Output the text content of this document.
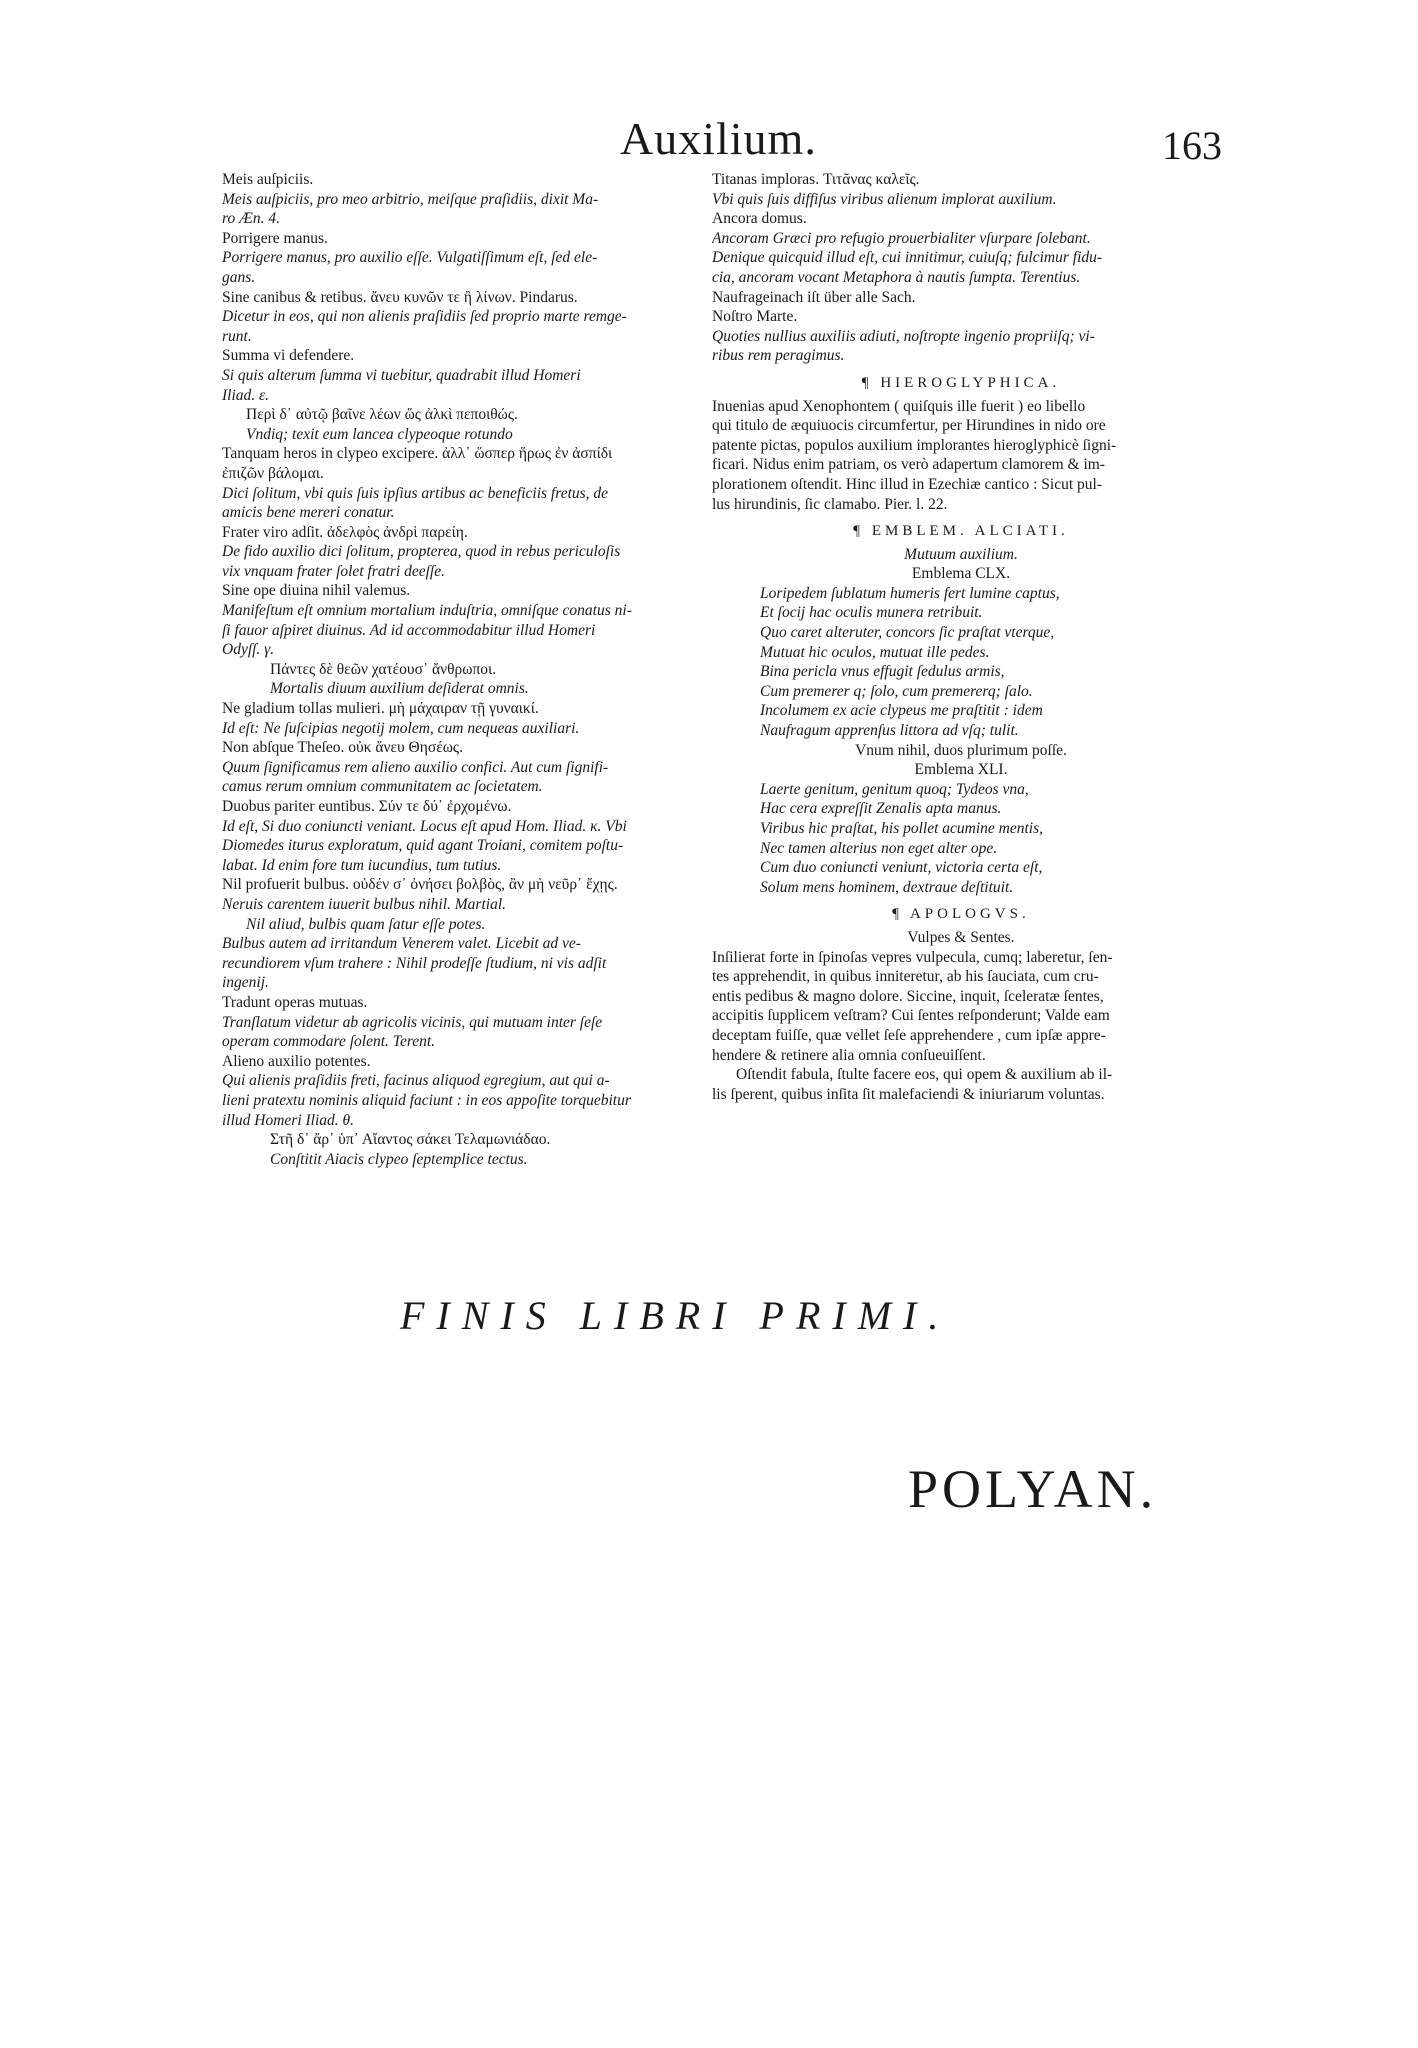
Auxilium.	163
Meis auſpiciis.
Meis auſpiciis, pro meo arbitrio, meiſque praſidiis, dixit Ma-
ro Æn. 4.
Porrigere manus.
Porrigere manus, pro auxilio eſſe. Vulgatiſſimum eſt, ſed ele-
gans.
Sine canibus & retibus. ἄνευ κυνῶν τε ἢ λίνων. Pindarus.
Dicetur in eos, qui non alienis praſidiis ſed proprio marte remge-
runt.
Summa vi defendere.
Si quis alterum ſumma vi tuebitur, quadrabit illud Homeri
Iliad. ε.
Περὶ δ᾽ αὐτῷ βαῖνε λέων ὥς ἀλκὶ πεποιθώς.
Vndiq; texit eum lancea clypeoque rotundo
Tanquam heros in clypeo excipere. ἀλλ᾽ ὥσπερ ἥρως ἐν ἀσπίδι
ἐπιζῶν βάλομαι.
Dici ſolitum, vbi quis ſuis ipſius artibus ac beneficiis fretus, de
amicis bene mereri conatur.
Frater viro adſit. ἀδελφὸς ἀνδρὶ παρείη.
De fido auxilio dici ſolitum, propterea, quod in rebus periculoſis
vix vnquam frater ſolet fratri deeſſe.
Sine ope diuina nihil valemus.
Manifeſtum eſt omnium mortalium induſtria, omniſque conatus ni-
ſi fauor aſpiret diuinus. Ad id accommodabitur illud Homeri
Odyſſ. γ.
Πάντες δὲ θεῶν χατέουσ᾽ ἄνθρωποι.
Mortalis diuum auxilium deſiderat omnis.
Ne gladium tollas mulieri. μὴ μάχαιραν τῇ γυναικί.
Id eſt: Ne ſuſcipias negotij molem, cum nequeas auxiliari.
Non abſque Theſeo. οὐκ ἄνευ Θησέως.
Quum ſignificamus rem alieno auxilio confici. Aut cum ſignifi-
camus rerum omnium communitatem ac ſocietatem.
Duobus pariter euntibus. Σύν τε δύ᾽ ἐρχομένω.
Id eſt, Si duo coniuncti veniant. Locus eſt apud Hom. Iliad. κ. Vbi
Diomedes iturus exploratum, quid agant Troiani, comitem poſtu-
labat. Id enim fore tum iucundius, tum tutius.
Nil profuerit bulbus. οὐδέν σ᾽ ὀνήσει βολβὸς, ἂν μὴ νεῦρ᾽ ἔχῃς.
Neruis carentem iuuerit bulbus nihil. Martial.
Nil aliud, bulbis quam ſatur eſſe potes.
Bulbus autem ad irritandum Venerem valet. Licebit ad ve-
recundiorem vſum trahere : Nihil prodeſſe ſtudium, ni vis adſit
ingenij.
Tradunt operas mutuas.
Tranſlatum videtur ab agricolis vicinis, qui mutuam inter ſeſe
operam commodare ſolent. Terent.
Alieno auxilio potentes.
Qui alienis praſidiis freti, facinus aliquod egregium, aut qui a-
lieni pratextu nominis aliquid faciunt : in eos appoſite torquebitur
illud Homeri Iliad. θ.
Στῆ δ᾽ ἄρ᾽ ὑπ᾽ Αἴαντος σάκει Τελαμωνιάδαο.
Conſtitit Aiacis clypeo ſeptemplice tectus.
Titanas imploras. Τιτᾶνας καλεῖς.
Vbi quis ſuis diffiſus viribus alienum implorat auxilium.
Ancora domus.
Ancoram Græci pro refugio prouerbialiter vſurpare ſolebant.
Denique quicquid illud eſt, cui innitimur, cuiuſq; fulcimur fidu-
cia, ancoram vocant Metaphora à nautis ſumpta. Terentius.
Naufrageinach iſt über alle Sach.
Noſtro Marte.
Quoties nullius auxiliis adiuti, noſtropte ingenio propriiſq; vi-
ribus rem peragimus.
¶ HIEROGLYPHICA.
Inuenias apud Xenophontem ( quiſquis ille fuerit ) eo libello
qui titulo de æquiuocis circumfertur, per Hirundines in nido ore
patente pictas, populos auxilium implorantes hieroglyphicè ſigni-
ficari. Nidus enim patriam, os verò adapertum clamorem & im-
plorationem oſtendit. Hinc illud in Ezechiæ cantico : Sicut pul-
lus hirundinis, ſic clamabo. Pier. l. 22.
¶ EMBLEM. ALCIATI.
Mutuum auxilium.
Emblema CLX.
Loripedem ſublatum humeris fert lumine captus,
Et ſocij hac oculis munera retribuit.
Quo caret alteruter, concors ſic praſtat vterque,
Mutuat hic oculos, mutuat ille pedes.
Bina pericla vnus effugit ſedulus armis,
Cum premerer q; ſolo, cum premererq; ſalo.
Incolumem ex acie clypeus me praſtitit : idem
Naufragum apprenſus littora ad vſq; tulit.
Vnum nihil, duos plurimum poſſe.
Emblema XLI.
Laerte genitum, genitum quoq; Tydeos vna,
Hac cera expreſſit Zenalis apta manus.
Viribus hic praſtat, his pollet acumine mentis,
Nec tamen alterius non eget alter ope.
Cum duo coniuncti veniunt, victoria certa eſt,
Solum mens hominem, dextraue deſtituit.
¶ APOLOGVS.
Vulpes & Sentes.
Inſilierat forte in ſpinoſas vepres vulpecula, cumq; laberetur, ſen-
tes apprehendit, in quibus inniteretur, ab his ſauciata, cum cru-
entis pedibus & magno dolore. Siccine, inquit, ſceleratæ ſentes,
accipitis ſupplicem veſtram? Cui ſentes reſponderunt; Valde eam
deceptam fuiſſe, quæ vellet ſeſe apprehendere , cum ipſæ appre-
hendere & retinere alia omnia conſueuiſſent.
Oſtendit fabula, ſtulte facere eos, qui opem & auxilium ab il-
lis ſperent, quibus inſita ſit malefaciendi & iniuriarum voluntas.
FINIS LIBRI PRIMI.
POLYAN.
